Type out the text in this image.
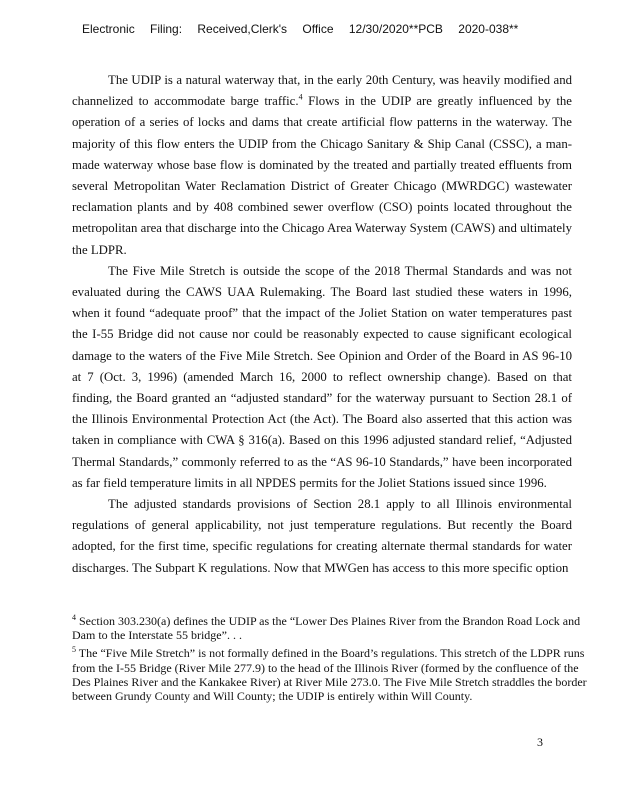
Electronic Filing: Received,Clerk's Office 12/30/2020**PCB 2020-038**

The UDIP is a natural waterway that, in the early 20th Century, was heavily modified and channelized to accommodate barge traffic.$^4$ Flows in the UDIP are greatly influenced by the operation of a series of locks and dams that create artificial flow patterns in the waterway. The majority of this flow enters the UDIP from the Chicago Sanitary & Ship Canal (CSSC), a man-made waterway whose base flow is dominated by the treated and partially treated effluents from several Metropolitan Water Reclamation District of Greater Chicago (MWRDGC) wastewater reclamation plants and by 408 combined sewer overflow (CSO) points located throughout the metropolitan area that discharge into the Chicago Area Waterway System (CAWS) and ultimately the LDPR.

The Five Mile Stretch is outside the scope of the 2018 Thermal Standards and was not evaluated during the CAWS UAA Rulemaking. The Board last studied these waters in 1996, when it found “adequate proof” that the impact of the Joliet Station on water temperatures past the I-55 Bridge did not cause nor could be reasonably expected to cause significant ecological damage to the waters of the Five Mile Stretch. See Opinion and Order of the Board in AS 96-10 at 7 (Oct. 3, 1996) (amended March 16, 2000 to reflect ownership change). Based on that finding, the Board granted an “adjusted standard” for the waterway pursuant to Section 28.1 of the Illinois Environmental Protection Act (the Act). The Board also asserted that this action was taken in compliance with CWA § 316(a). Based on this 1996 adjusted standard relief, “Adjusted Thermal Standards,” commonly referred to as the “AS 96-10 Standards,” have been incorporated as far field temperature limits in all NPDES permits for the Joliet Stations issued since 1996.

The adjusted standards provisions of Section 28.1 apply to all Illinois environmental regulations of general applicability, not just temperature regulations. But recently the Board adopted, for the first time, specific regulations for creating alternate thermal standards for water discharges. The Subpart K regulations. Now that MWGen has access to this more specific option

$^4$ Section 303.230(a) defines the UDIP as the “Lower Des Plaines River from the Brandon Road Lock and Dam to the Interstate 55 bridge”. . .

$^5$ The “Five Mile Stretch” is not formally defined in the Board’s regulations. This stretch of the LDPR runs from the I-55 Bridge (River Mile 277.9) to the head of the Illinois River (formed by the confluence of the Des Plaines River and the Kankakee River) at River Mile 273.0. The Five Mile Stretch straddles the border between Grundy County and Will County; the UDIP is entirely within Will County.

3
